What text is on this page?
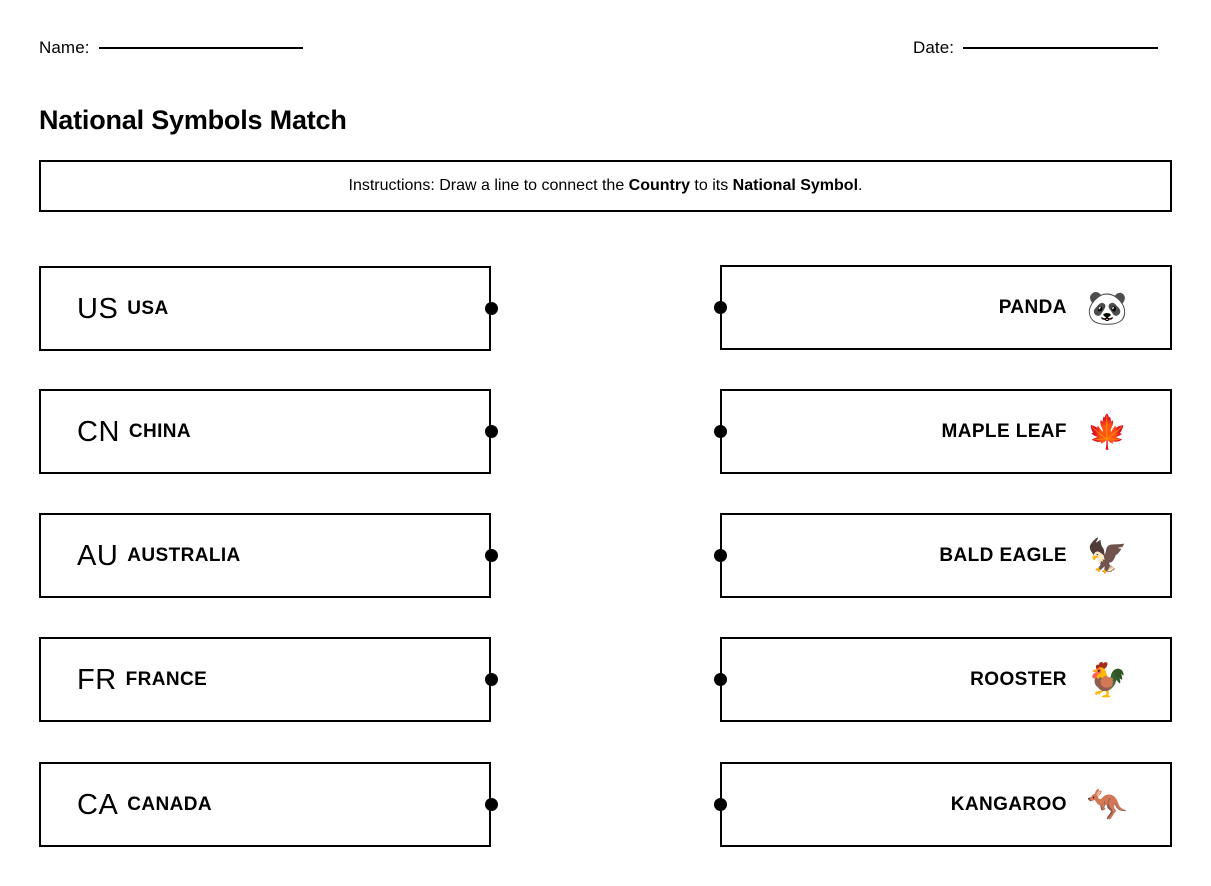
Name:	Date:
National Symbols Match
Instructions: Draw a line to connect the Country to its National Symbol.
US USA
CN CHINA
AU AUSTRALIA
FR FRANCE
CA CANADA
PANDA 🐼
MAPLE LEAF 🍁
BALD EAGLE 🦅
ROOSTER 🐓
KANGAROO 🦘
